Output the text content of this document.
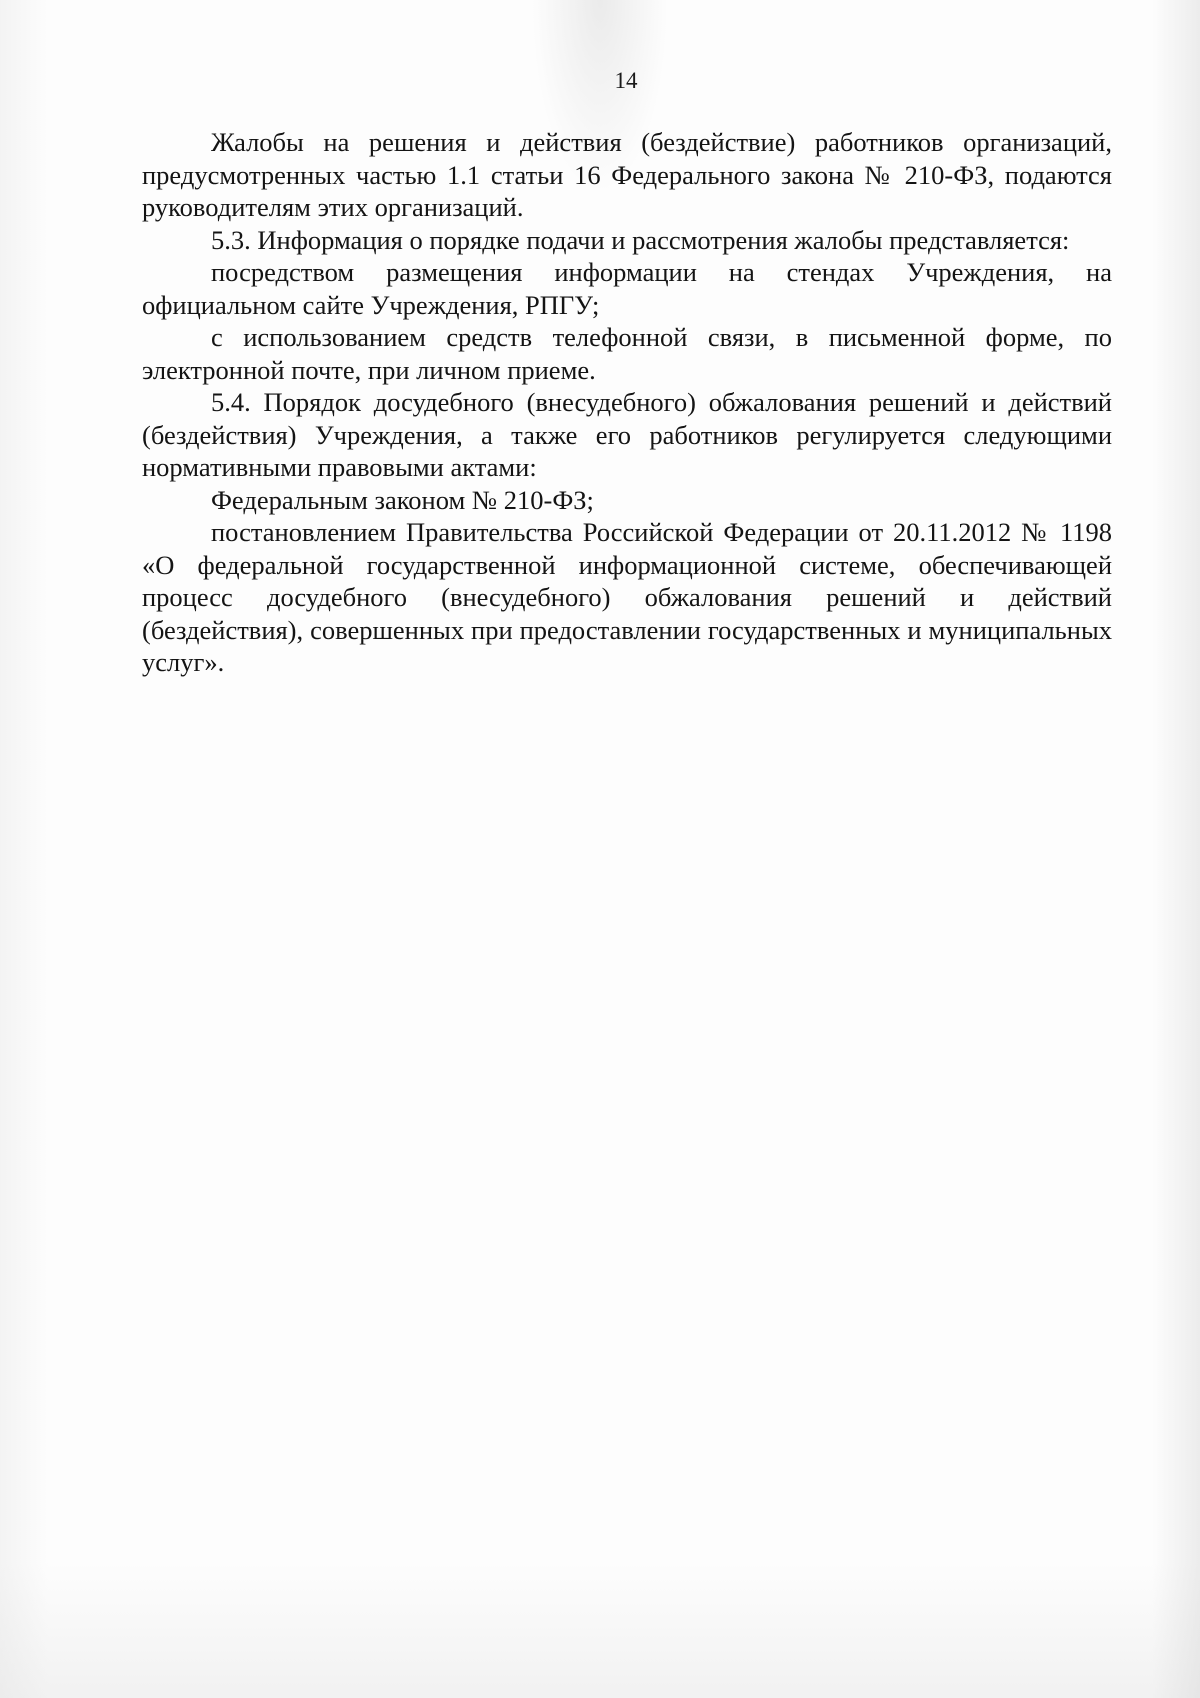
14

Жалобы на решения и действия (бездействие) работников организаций, предусмотренных частью 1.1 статьи 16 Федерального закона № 210-ФЗ, подаются руководителям этих организаций.

5.3. Информация о порядке подачи и рассмотрения жалобы представляется:

посредством размещения информации на стендах Учреждения, на официальном сайте Учреждения, РПГУ;

с использованием средств телефонной связи, в письменной форме, по электронной почте, при личном приеме.

5.4. Порядок досудебного (внесудебного) обжалования решений и действий (бездействия) Учреждения, а также его работников регулируется следующими нормативными правовыми актами:

Федеральным законом № 210-ФЗ;

постановлением Правительства Российской Федерации от 20.11.2012 № 1198 «О федеральной государственной информационной системе, обеспечивающей процесс досудебного (внесудебного) обжалования решений и действий (бездействия), совершенных при предоставлении государственных и муниципальных услуг».
